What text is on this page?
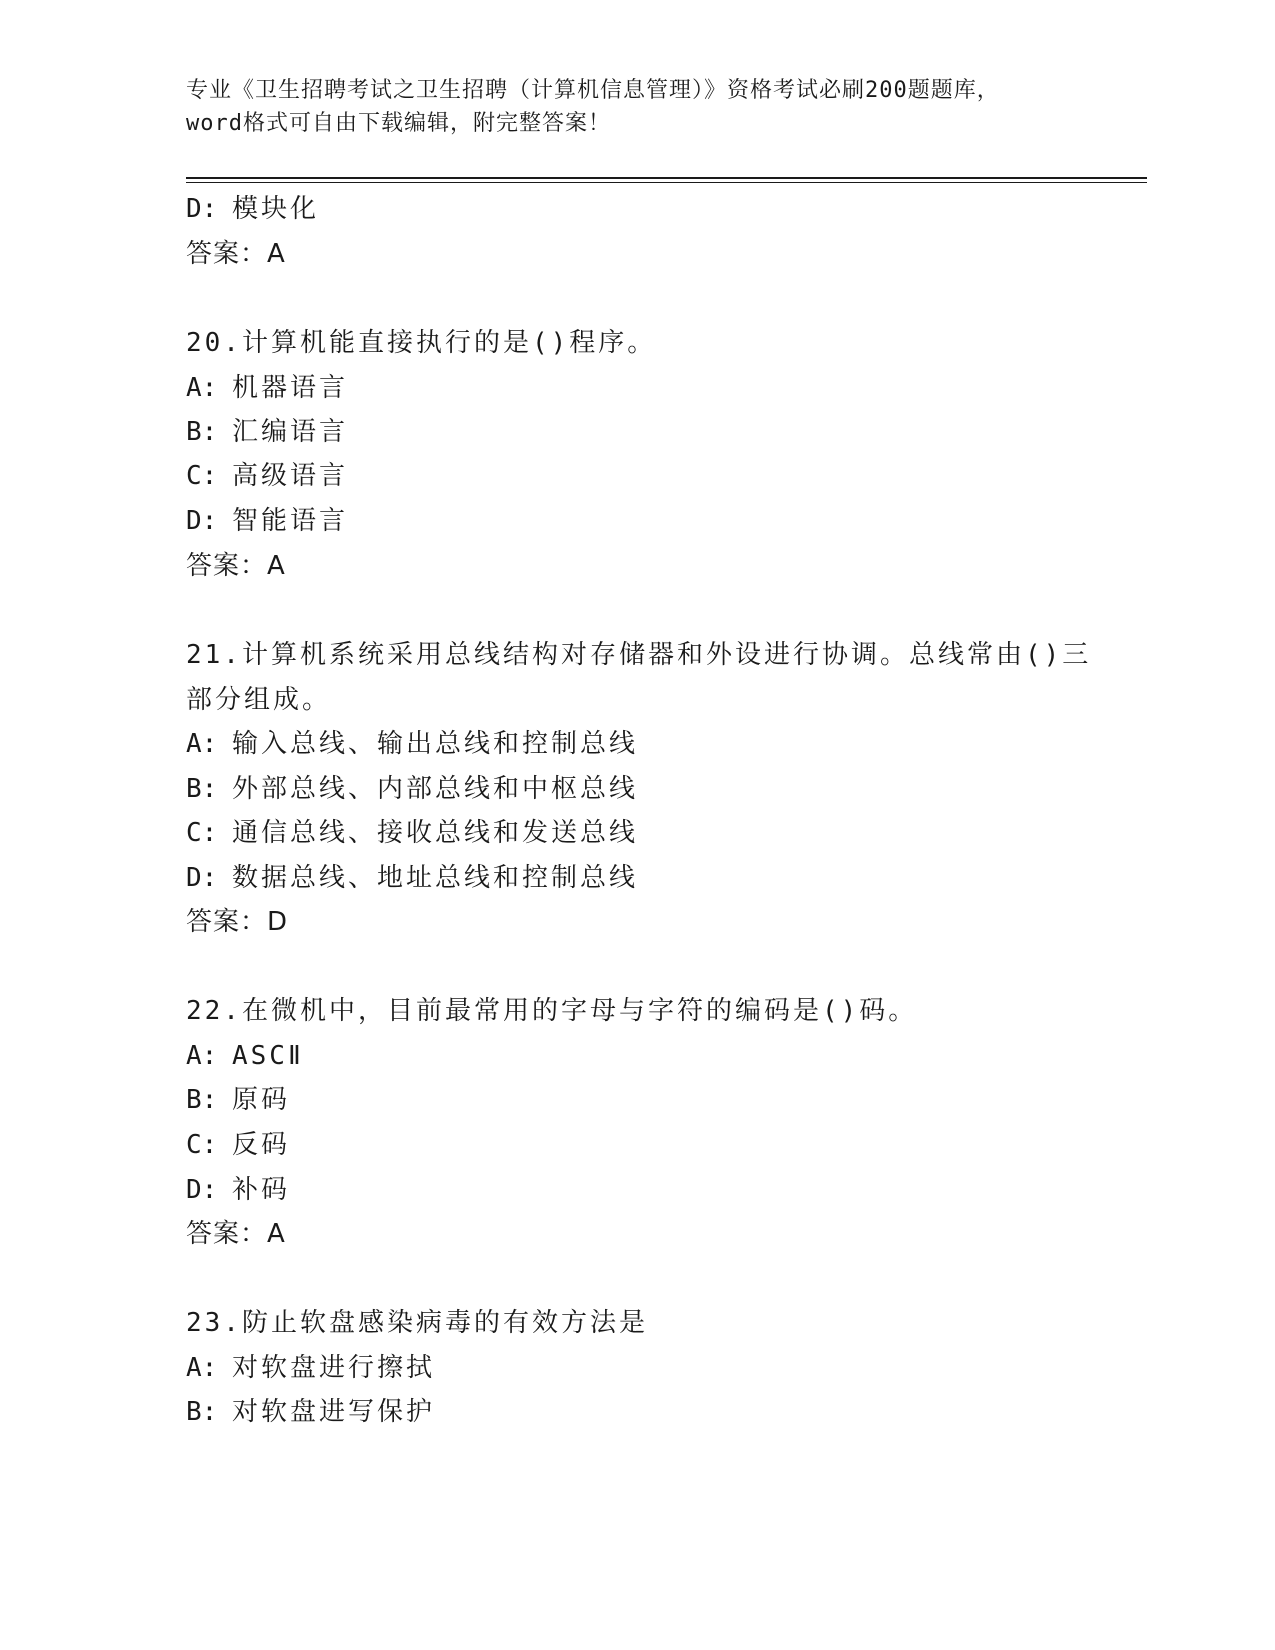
专业《卫生招聘考试之卫生招聘（计算机信息管理）》资格考试必刷200题题库，
word格式可自由下载编辑，附完整答案！
D: 模块化
答案：A
20.计算机能直接执行的是()程序。
A: 机器语言
B: 汇编语言
C: 高级语言
D: 智能语言
答案：A
21.计算机系统采用总线结构对存储器和外设进行协调。总线常由()三
部分组成。
A: 输入总线、输出总线和控制总线
B: 外部总线、内部总线和中枢总线
C: 通信总线、接收总线和发送总线
D: 数据总线、地址总线和控制总线
答案：D
22.在微机中，目前最常用的字母与字符的编码是()码。
A: ASCⅡ
B: 原码
C: 反码
D: 补码
答案：A
23.防止软盘感染病毒的有效方法是
A: 对软盘进行擦拭
B: 对软盘进写保护
